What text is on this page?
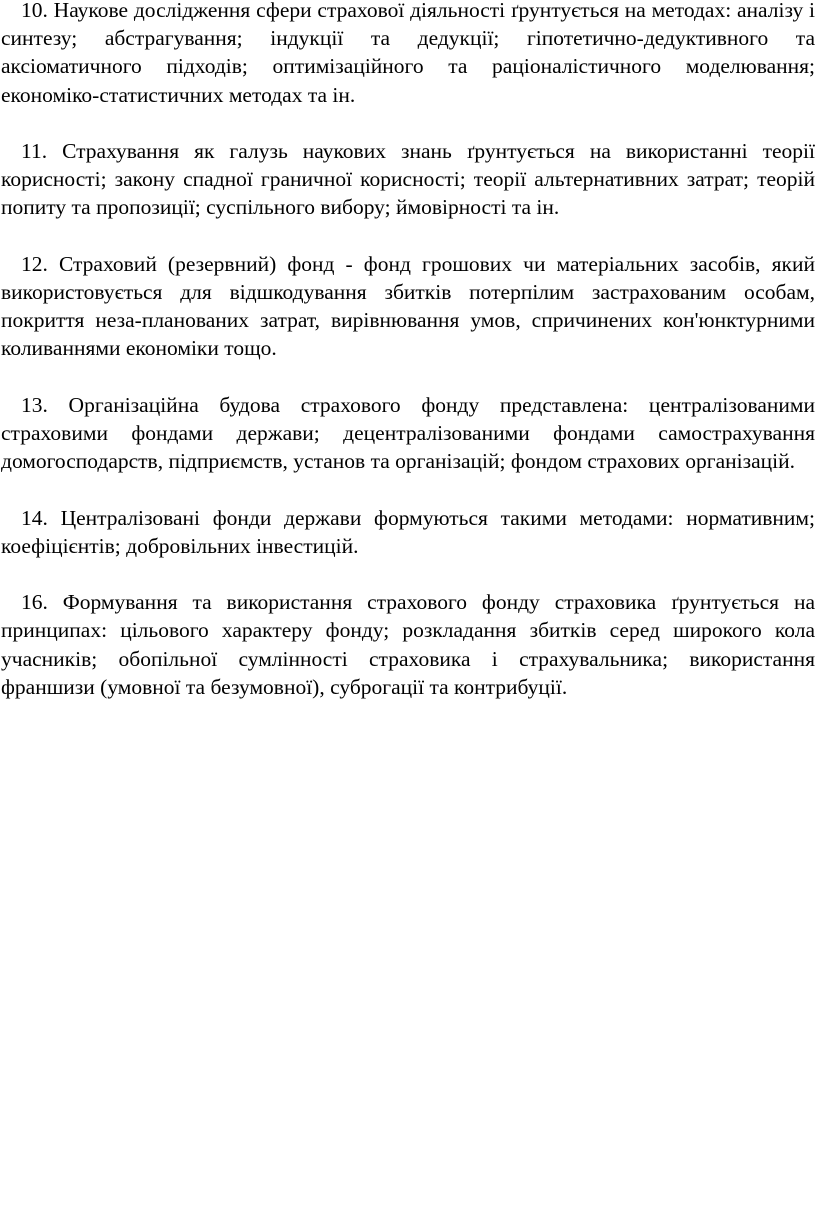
10. Наукове дослідження сфери страхової діяльності ґрунтується на методах: аналізу і синтезу; абстрагування; індукції та дедукції; гіпотетично-дедуктивного та аксіоматичного підходів; оптимізаційного та раціоналістичного моделювання; економіко-статистичних методах та ін.

11. Страхування як галузь наукових знань ґрунтується на використанні теорії корисності; закону спадної граничної корисності; теорії альтернативних затрат; теорій попиту та пропозиції; суспільного вибору; ймовірності та ін.

12. Страховий (резервний) фонд - фонд грошових чи матеріальних засобів, який використовується для відшкодування збитків потерпілим застрахованим особам, покриття неза-планованих затрат, вирівнювання умов, спричинених кон'юнктурними коливаннями економіки тощо.

13. Організаційна будова страхового фонду представлена: централізованими страховими фондами держави; децентралізованими фондами самострахування домогосподарств, підприємств, установ та організацій; фондом страхових організацій.

14. Централізовані фонди держави формуються такими методами: нормативним; коефіцієнтів; добровільних інвестицій.

16. Формування та використання страхового фонду страховика ґрунтується на принципах: цільового характеру фонду; розкладання збитків серед широкого кола учасників; обопільної сумлінності страховика і страхувальника; використання франшизи (умовної та безумовної), суброгації та контрибуції.
